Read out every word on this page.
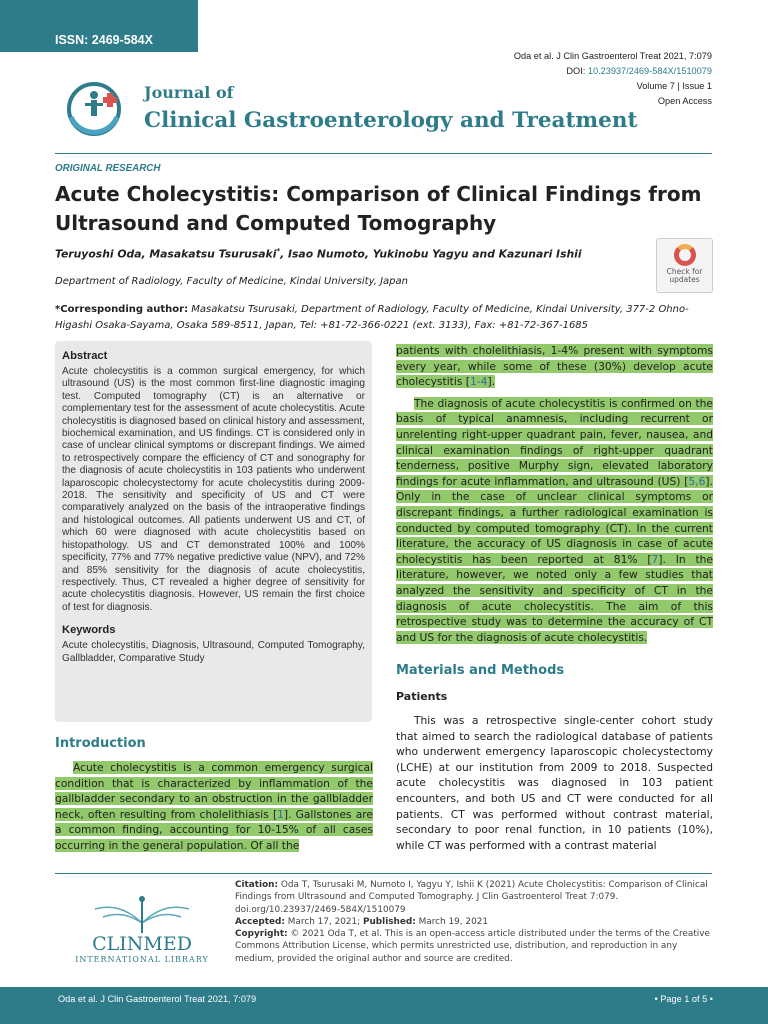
ISSN: 2469-584X
Oda et al. J Clin Gastroenterol Treat 2021, 7:079
DOI: 10.23937/2469-584X/1510079
Volume 7 | Issue 1
Open Access
Journal of
Clinical Gastroenterology and Treatment
ORIGINAL RESEARCH
Acute Cholecystitis: Comparison of Clinical Findings from Ultrasound and Computed Tomography
Teruyoshi Oda, Masakatsu Tsurusaki*, Isao Numoto, Yukinobu Yagyu and Kazunari Ishii
Department of Radiology, Faculty of Medicine, Kindai University, Japan
Check for
updates
*Corresponding author: Masakatsu Tsurusaki, Department of Radiology, Faculty of Medicine, Kindai University, 377-2 Ohno-Higashi Osaka-Sayama, Osaka 589-8511, Japan, Tel: +81-72-366-0221 (ext. 3133), Fax: +81-72-367-1685
Abstract

Acute cholecystitis is a common surgical emergency, for which ultrasound (US) is the most common first-line diagnostic imaging test. Computed tomography (CT) is an alternative or complementary test for the assessment of acute cholecystitis. Acute cholecystitis is diagnosed based on clinical history and assessment, biochemical examination, and US findings. CT is considered only in case of unclear clinical symptoms or discrepant findings. We aimed to retrospectively compare the efficiency of CT and sonography for the diagnosis of acute cholecystitis in 103 patients who underwent laparoscopic cholecystectomy for acute cholecystitis during 2009-2018. The sensitivity and specificity of US and CT were comparatively analyzed on the basis of the intraoperative findings and histological outcomes. All patients underwent US and CT, of which 60 were diagnosed with acute cholecystitis based on histopathology. US and CT demonstrated 100% and 100% specificity, 77% and 77% negative predictive value (NPV), and 72% and 85% sensitivity for the diagnosis of acute cholecystitis, respectively. Thus, CT revealed a higher degree of sensitivity for acute cholecystitis diagnosis. However, US remain the first choice of test for diagnosis.

Keywords

Acute cholecystitis, Diagnosis, Ultrasound, Computed Tomography, Gallbladder, Comparative Study

Introduction

Acute cholecystitis is a common emergency surgical condition that is characterized by inflammation of the gallbladder secondary to an obstruction in the gallbladder neck, often resulting from cholelithiasis [1]. Gallstones are a common finding, accounting for 10-15% of all cases occurring in the general population. Of all the

patients with cholelithiasis, 1-4% present with symptoms every year, while some of these (30%) develop acute cholecystitis [1-4].

The diagnosis of acute cholecystitis is confirmed on the basis of typical anamnesis, including recurrent or unrelenting right-upper quadrant pain, fever, nausea, and clinical examination findings of right-upper quadrant tenderness, positive Murphy sign, elevated laboratory findings for acute inflammation, and ultrasound (US) [5,6]. Only in the case of unclear clinical symptoms or discrepant findings, a further radiological examination is conducted by computed tomography (CT). In the current literature, the accuracy of US diagnosis in case of acute cholecystitis has been reported at 81% [7]. In the literature, however, we noted only a few studies that analyzed the sensitivity and specificity of CT in the diagnosis of acute cholecystitis. The aim of this retrospective study was to determine the accuracy of CT and US for the diagnosis of acute cholecystitis.

Materials and Methods
Patients

This was a retrospective single-center cohort study that aimed to search the radiological database of patients who underwent emergency laparoscopic cholecystectomy (LCHE) at our institution from 2009 to 2018. Suspected acute cholecystitis was diagnosed in 103 patient encounters, and both US and CT were conducted for all patients. CT was performed without contrast material, secondary to poor renal function, in 10 patients (10%), while CT was performed with a contrast material

CLINMED
INTERNATIONAL LIBRARY

Citation: Oda T, Tsurusaki M, Numoto I, Yagyu Y, Ishii K (2021) Acute Cholecystitis: Comparison of Clinical Findings from Ultrasound and Computed Tomography. J Clin Gastroenterol Treat 7:079. doi.org/10.23937/2469-584X/1510079

Accepted: March 17, 2021; Published: March 19, 2021

Copyright: © 2021 Oda T, et al. This is an open-access article distributed under the terms of the Creative Commons Attribution License, which permits unrestricted use, distribution, and reproduction in any medium, provided the original author and source are credited.

Oda et al. J Clin Gastroenterol Treat 2021, 7:079	• Page 1 of 5 •
